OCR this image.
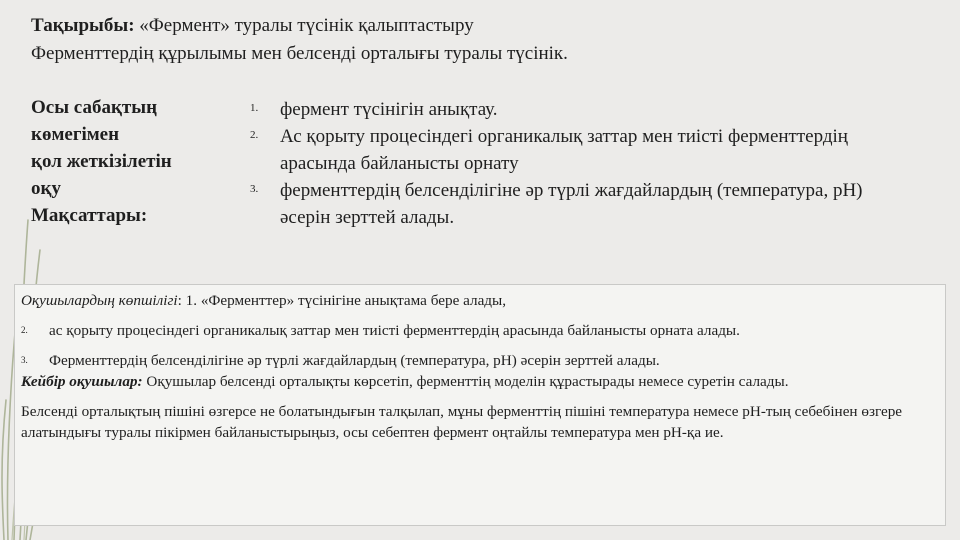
Тақырыбы: «Фермент» туралы түсінік қалыптастыру
Ферменттердің құрылымы мен белсенді орталығы туралы түсінік.
Осы сабақтың
көмегімен
қол жеткізілетін
оқу
Мақсаттары:

1. фермент түсінігін анықтау.

2. Ас қорыту процесіндегі органикалық заттар мен тиісті ферменттердің арасында байланысты орнату

3. ферменттердің белсенділігіне әр түрлі жағдайлардың (температура, рН) әсерін зерттей алады.

Оқушылардың көпшілігі: 1. «Ферменттер» түсінігіне анықтама бере алады,

2. ас қорыту процесіндегі органикалық заттар мен тиісті ферменттердің арасында байланысты орната алады.

3. Ферменттердің белсенділігіне әр түрлі жағдайлардың (температура, рН) әсерін зерттей алады.

Кейбір оқушылар: Оқушылар белсенді орталықты көрсетіп, ферменттің моделін құрастырады немесе суретін салады.

Белсенді орталықтың пішіні өзгерсе не болатындығын талқылап, мұны ферменттің пішіні температура немесе рН-тың себебінен өзгере алатындығы туралы пікірмен байланыстырыңыз, осы себептен фермент оңтайлы температура мен рН-қа ие.
